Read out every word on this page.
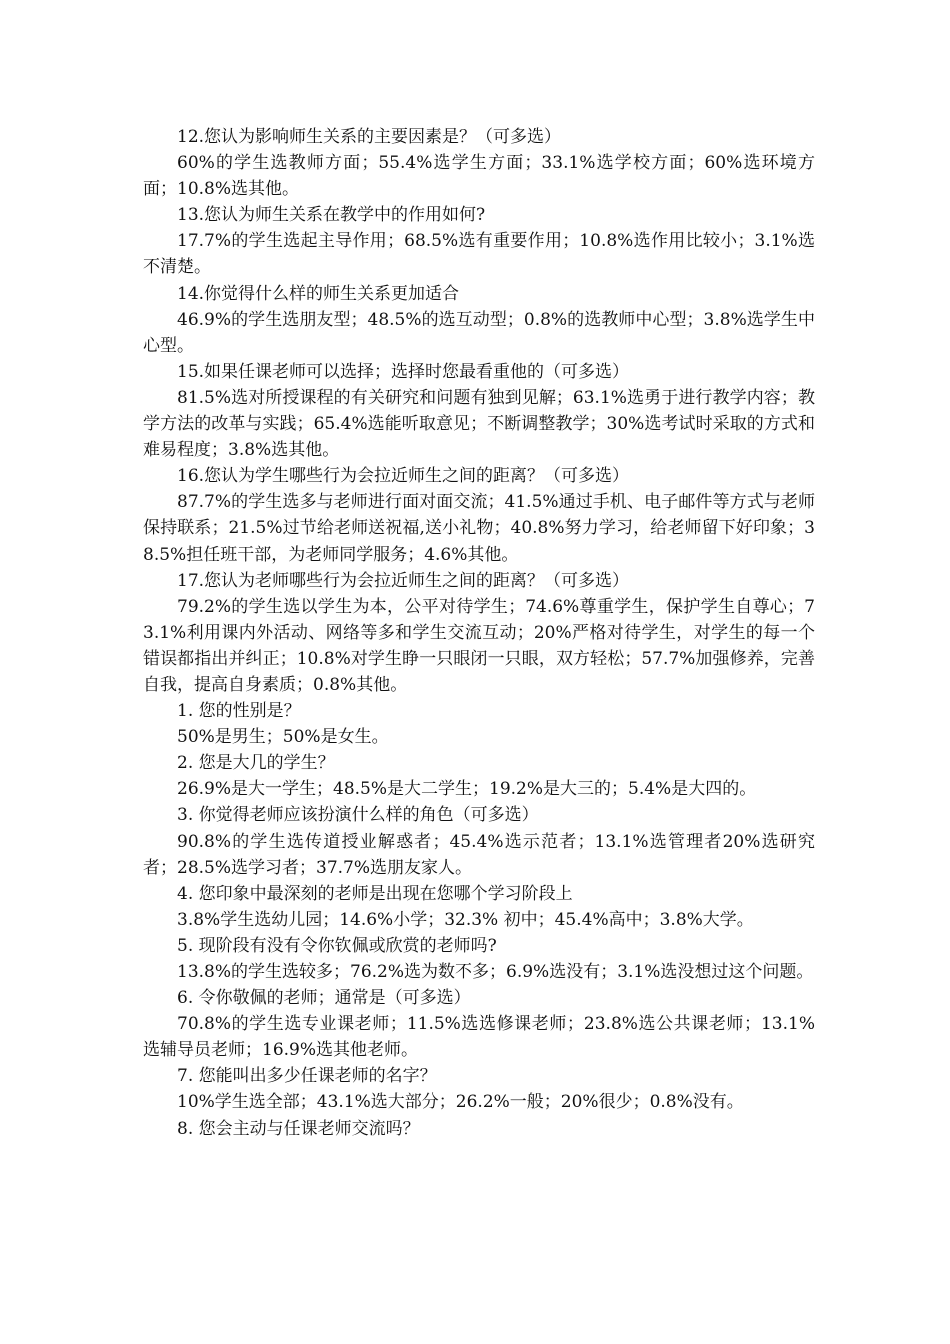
12.您认为影响师生关系的主要因素是？（可多选）

60%的学生选教师方面；55.4%选学生方面；33.1%选学校方面；60%选环境方面；10.8%选其他。

13.您认为师生关系在教学中的作用如何?

17.7%的学生选起主导作用；68.5%选有重要作用；10.8%选作用比较小；3.1%选不清楚。

14.你觉得什么样的师生关系更加适合

46.9%的学生选朋友型；48.5%的选互动型；0.8%的选教师中心型；3.8%选学生中心型。

15.如果任课老师可以选择；选择时您最看重他的（可多选）

81.5%选对所授课程的有关研究和问题有独到见解；63.1%选勇于进行教学内容；教学方法的改革与实践；65.4%选能听取意见；不断调整教学；30%选考试时采取的方式和难易程度；3.8%选其他。

16.您认为学生哪些行为会拉近师生之间的距离？（可多选）

87.7%的学生选多与老师进行面对面交流；41.5%通过手机、电子邮件等方式与老师保持联系；21.5%过节给老师送祝福,送小礼物；40.8%努力学习，给老师留下好印象；38.5%担任班干部，为老师同学服务；4.6%其他。

17.您认为老师哪些行为会拉近师生之间的距离？（可多选）

79.2%的学生选以学生为本，公平对待学生；74.6%尊重学生，保护学生自尊心；73.1%利用课内外活动、网络等多和学生交流互动；20%严格对待学生，对学生的每一个错误都指出并纠正；10.8%对学生睁一只眼闭一只眼，双方轻松；57.7%加强修养，完善自我，提高自身素质；0.8%其他。

1. 您的性别是？

50%是男生；50%是女生。

2. 您是大几的学生？

26.9%是大一学生；48.5%是大二学生；19.2%是大三的；5.4%是大四的。

3. 你觉得老师应该扮演什么样的角色（可多选）

90.8%的学生选传道授业解惑者；45.4%选示范者；13.1%选管理者20%选研究者；28.5%选学习者；37.7%选朋友家人。

4. 您印象中最深刻的老师是出现在您哪个学习阶段上

3.8%学生选幼儿园；14.6%小学；32.3% 初中；45.4%高中；3.8%大学。

5. 现阶段有没有令你钦佩或欣赏的老师吗?

13.8%的学生选较多；76.2%选为数不多；6.9%选没有；3.1%选没想过这个问题。

6. 令你敬佩的老师；通常是（可多选）

70.8%的学生选专业课老师；11.5%选选修课老师；23.8%选公共课老师；13.1%选辅导员老师；16.9%选其他老师。

7. 您能叫出多少任课老师的名字？

10%学生选全部；43.1%选大部分；26.2%一般；20%很少；0.8%没有。

8. 您会主动与任课老师交流吗？
